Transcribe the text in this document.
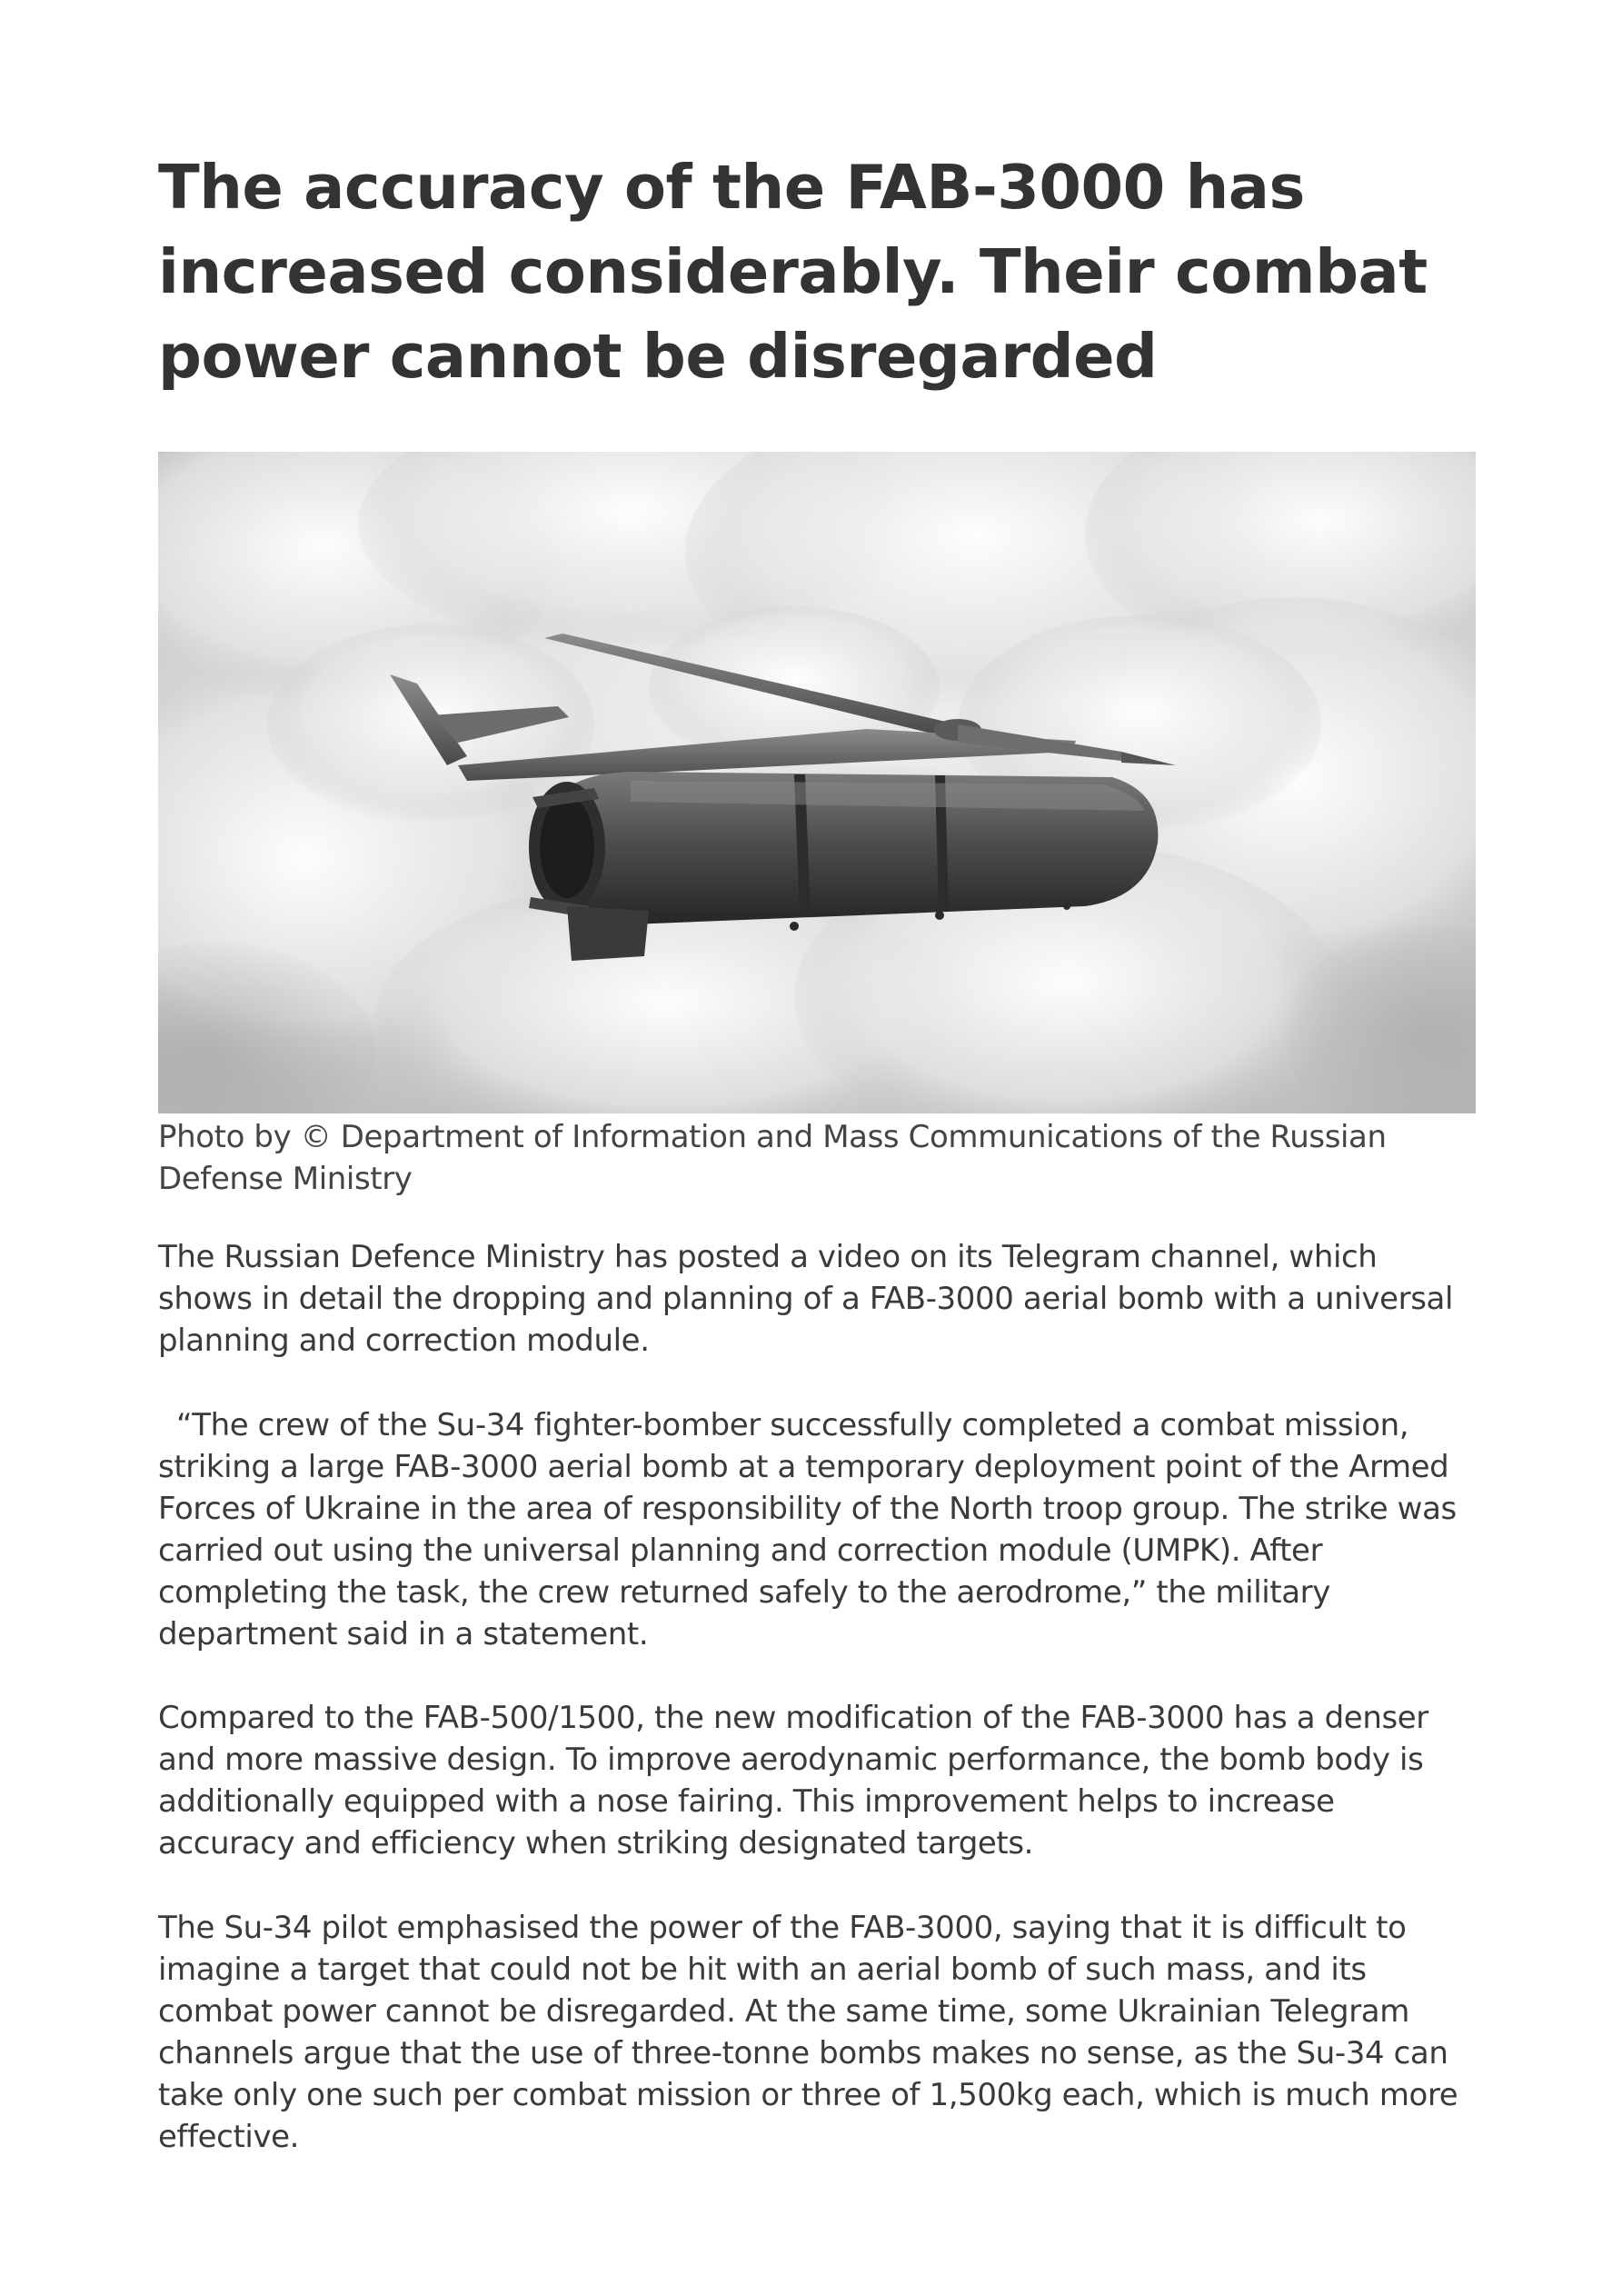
The accuracy of the FAB-3000 has increased considerably. Their combat power cannot be disregarded

Photo by © Department of Information and Mass Communications of the Russian Defense Ministry

The Russian Defence Ministry has posted a video on its Telegram channel, which shows in detail the dropping and planning of a FAB-3000 aerial bomb with a universal planning and correction module.

“The crew of the Su-34 fighter-bomber successfully completed a combat mission, striking a large FAB-3000 aerial bomb at a temporary deployment point of the Armed Forces of Ukraine in the area of responsibility of the North troop group. The strike was carried out using the universal planning and correction module (UMPK). After completing the task, the crew returned safely to the aerodrome,” the military department said in a statement.

Compared to the FAB-500/1500, the new modification of the FAB-3000 has a denser and more massive design. To improve aerodynamic performance, the bomb body is additionally equipped with a nose fairing. This improvement helps to increase accuracy and efficiency when striking designated targets.

The Su-34 pilot emphasised the power of the FAB-3000, saying that it is difficult to imagine a target that could not be hit with an aerial bomb of such mass, and its combat power cannot be disregarded. At the same time, some Ukrainian Telegram channels argue that the use of three-tonne bombs makes no sense, as the Su-34 can take only one such per combat mission or three of 1,500kg each, which is much more effective.
